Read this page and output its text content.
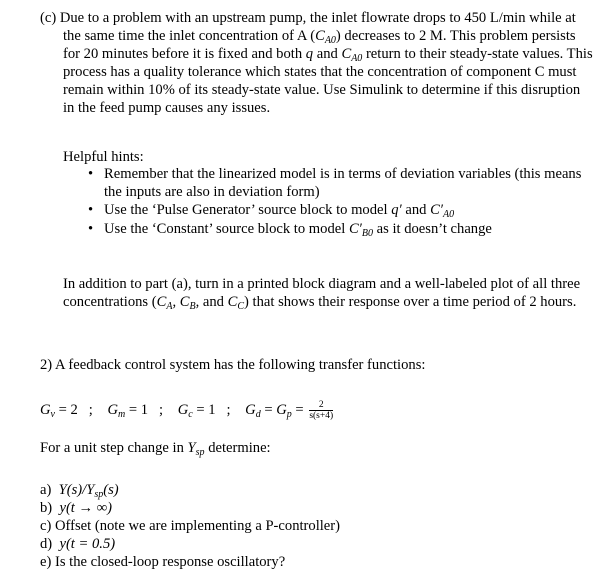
(c) Due to a problem with an upstream pump, the inlet flowrate drops to 450 L/min while at
the same time the inlet concentration of A $(C_{A0})$ decreases to 2 M. This problem persists
for 20 minutes before it is fixed and both q and $C_{A0}$ return to their steady-state values. This
process has a quality tolerance which states that the concentration of component C must
remain within 10% of its steady-state value. Use Simulink to determine if this disruption
in the feed pump causes any issues.
Helpful hints:
• Remember that the linearized model is in terms of deviation variables (this means
the inputs are also in deviation form)
• Use the ‘Pulse Generator’ source block to model q′ and $C'_{A0}$
• Use the ‘Constant’ source block to model $C'_{B0}$ as it doesn’t change
In addition to part (a), turn in a printed block diagram and a well-labeled plot of all three
concentrations ($C_A$, $C_B$, and $C_C$) that shows their response over a time period of 2 hours.
2) A feedback control system has the following transfer functions:
$G_v = 2$ ; $G_m = 1$ ; $G_c = 1$ ; $G_d = G_p = \frac{2}{s(s+4)}$
For a unit step change in $Y_{sp}$ determine:
a) $Y(s)/Y_{sp}(s)$
b) y(t → ∞)
c) Offset (note we are implementing a P-controller)
d) y(t = 0.5)
e) Is the closed-loop response oscillatory?
